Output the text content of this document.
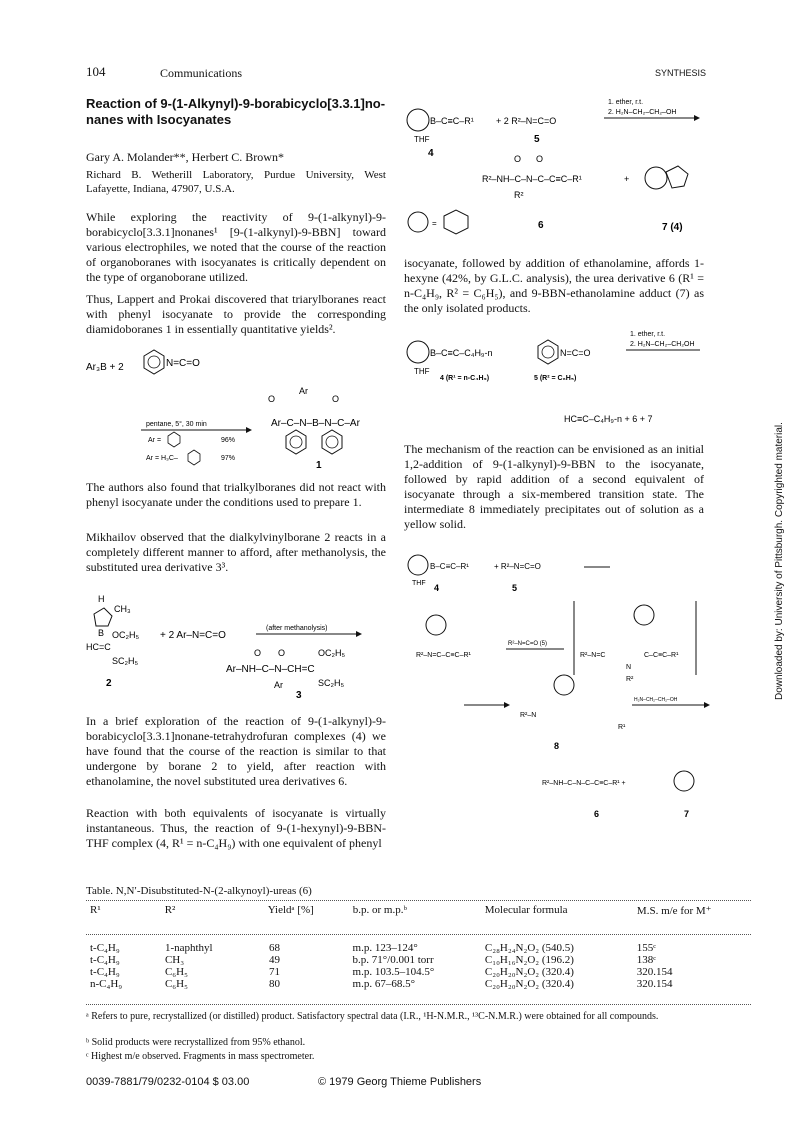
104	Communications	SYNTHESIS
Reaction of 9-(1-Alkynyl)-9-borabicyclo[3.3.1]no-nanes with Isocyanates
Gary A. Molander**, Herbert C. Brown*
Richard B. Wetherill Laboratory, Purdue University, West Lafayette, Indiana, 47907, U.S.A.
While exploring the reactivity of 9-(1-alkynyl)-9-borabicyclo[3.3.1]nonanes¹ [9-(1-alkynyl)-9-BBN] toward various electrophiles, we noted that the course of the reaction of organoboranes with isocyanates is critically dependent on the type of organoborane utilized.
Thus, Lappert and Prokai discovered that triarylboranes react with phenyl isocyanate to provide the corresponding diamidoboranes 1 in essentially quantitative yields².
Ar₃B + 2	N=C=O
pentane, 5°, 30 min
Ar =	96%
Ar = H₃C–	97%
O
Ar
O
Ar–C–N–B–N–C–Ar
1
The authors also found that trialkylboranes did not react with phenyl isocyanate under the conditions used to prepare 1.
Mikhailov observed that the dialkylvinylborane 2 reacts in a completely different manner to afford, after methanolysis, the substituted urea derivative 3³.
H
CH₃
B OC₂H₅
HC=C
SC₂H₅
2
+ 2 Ar–N=C=O
(after methanolysis)
O O	OC₂H₅
Ar–NH–C–N–CH=C
Ar	SC₂H₅
3
In a brief exploration of the reaction of 9-(1-alkynyl)-9-borabicyclo[3.3.1]nonane-tetrahydrofuran complexes (4) we have found that the course of the reaction is similar to that undergone by borane 2 to yield, after reaction with ethanolamine, the novel substituted urea derivatives 6.
Reaction with both equivalents of isocyanate is virtually instantaneous. Thus, the reaction of 9-(1-hexynyl)-9-BBN-THF complex (4, R¹ = n-C₄H₉) with one equivalent of phenyl
B–C≡C–R¹ + 2 R²–N=C=O
THF
4
5
1. ether, r.t.
2. H₂N–CH₂–CH₂–OH
O O
R²–NH–C–N–C–C≡C–R¹
R²
+
=	6	7 (4)
isocyanate, followed by addition of ethanolamine, affords 1-hexyne (42%, by G.L.C. analysis), the urea derivative 6 (R¹ = n-C₄H₉, R² = C₆H₅), and 9-BBN-ethanolamine adduct (7) as the only isolated products.
B–C≡C–C₄H₉-n
THF
4 (R¹ = n-C₄H₉)
N=C=O
5 (R² = C₆H₅)
1. ether, r.t.
2. H₂N–CH₂–CH₂OH
HC≡C–C₄H₉-n + 6 + 7
The mechanism of the reaction can be envisioned as an initial 1,2-addition of 9-(1-alkynyl)-9-BBN to the isocyanate, followed by rapid addition of a second equivalent of isocyanate through a six-membered transition state. The intermediate 8 immediately precipitates out of solution as a yellow solid.
B–C≡C–R¹	+ R²–N=C=O
THF 4	5
R²–N=C–C≡C–R¹
R²–N=C=O (5)
R²–N=C	C–C≡C–R¹
N
R²
R²–N
R¹
8
H₂N–CH₂–CH₂–OH
R²–NH–C–N–C–C≡C–R¹ +
6	7
Table. N,N′-Disubstituted-N-(2-alkynoyl)-ureas (6)
R¹	R²	Yieldᵃ [%]	b.p. or m.p.ᵇ	Molecular formula	M.S. m/e for M⁺
t-C₄H₉	1-naphthyl	68	m.p. 123–124°	C₂₈H₂₄N₂O₂ (540.5)	155ᶜ
t-C₄H₉	CH₃	49	b.p. 71°/0.001 torr	C₁₀H₁₆N₂O₂ (196.2)	138ᶜ
t-C₄H₉	C₆H₅	71	m.p. 103.5–104.5°	C₂₀H₂₀N₂O₂ (320.4)	320.154
n-C₄H₉	C₆H₅	80	m.p. 67–68.5°	C₂₀H₂₀N₂O₂ (320.4)	320.154
ᵃ Refers to pure, recrystallized (or distilled) product. Satisfactory spectral data (I.R., ¹H-N.M.R., ¹³C-N.M.R.) were obtained for all compounds.
ᵇ Solid products were recrystallized from 95% ethanol.
ᶜ Highest m/e observed. Fragments in mass spectrometer.
0039-7881/79/0232-0104 $ 03.00	© 1979 Georg Thieme Publishers
Downloaded by: University of Pittsburgh. Copyrighted material.
